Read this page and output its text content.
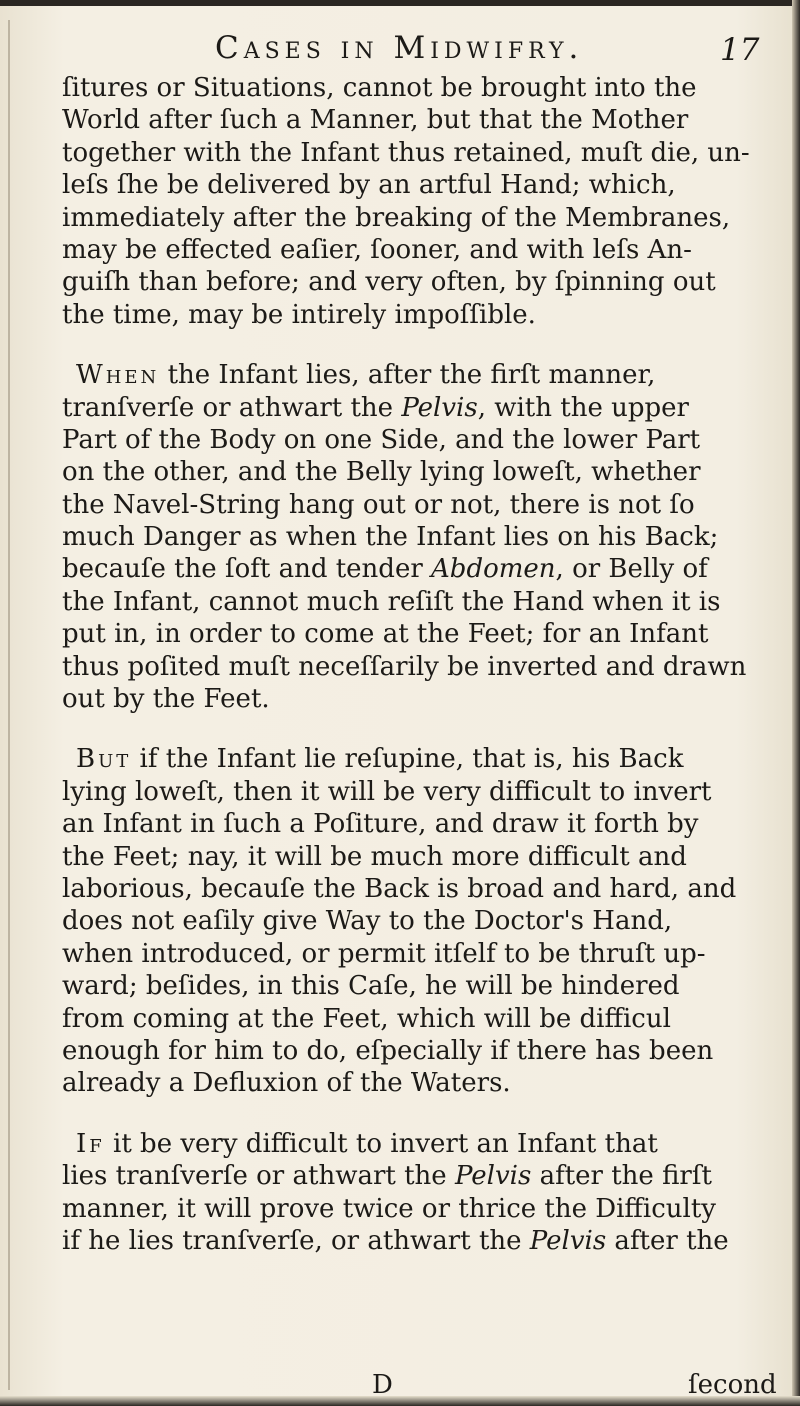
Cases in Midwifry.	17
ſitures or Situations, cannot be brought into the
World after ſuch a Manner, but that the Mother
together with the Infant thus retained, muſt die, un-
leſs ſhe be delivered by an artful Hand; which,
immediately after the breaking of the Membranes,
may be effected eaſier, ſooner, and with leſs An-
guiſh than before; and very often, by ſpinning out
the time, may be intirely impoſſible.
When the Infant lies, after the firſt manner,
tranſverſe or athwart the Pelvis, with the upper
Part of the Body on one Side, and the lower Part
on the other, and the Belly lying loweſt, whether
the Navel-String hang out or not, there is not ſo
much Danger as when the Infant lies on his Back;
becauſe the ſoft and tender Abdomen, or Belly of
the Infant, cannot much reſiſt the Hand when it is
put in, in order to come at the Feet; for an Infant
thus poſited muſt neceſſarily be inverted and drawn
out by the Feet.
But if the Infant lie reſupine, that is, his Back
lying loweſt, then it will be very difficult to invert
an Infant in ſuch a Poſiture, and draw it forth by
the Feet; nay, it will be much more difficult and
laborious, becauſe the Back is broad and hard, and
does not eaſily give Way to the Doctor's Hand,
when introduced, or permit itſelf to be thruſt up-
ward; beſides, in this Caſe, he will be hindered
from coming at the Feet, which will be difficul
enough for him to do, eſpecially if there has been
already a Defluxion of the Waters.
If it be very difficult to invert an Infant that
lies tranſverſe or athwart the Pelvis after the firſt
manner, it will prove twice or thrice the Difficulty
if he lies tranſverſe, or athwart the Pelvis after the
D	ſecond
